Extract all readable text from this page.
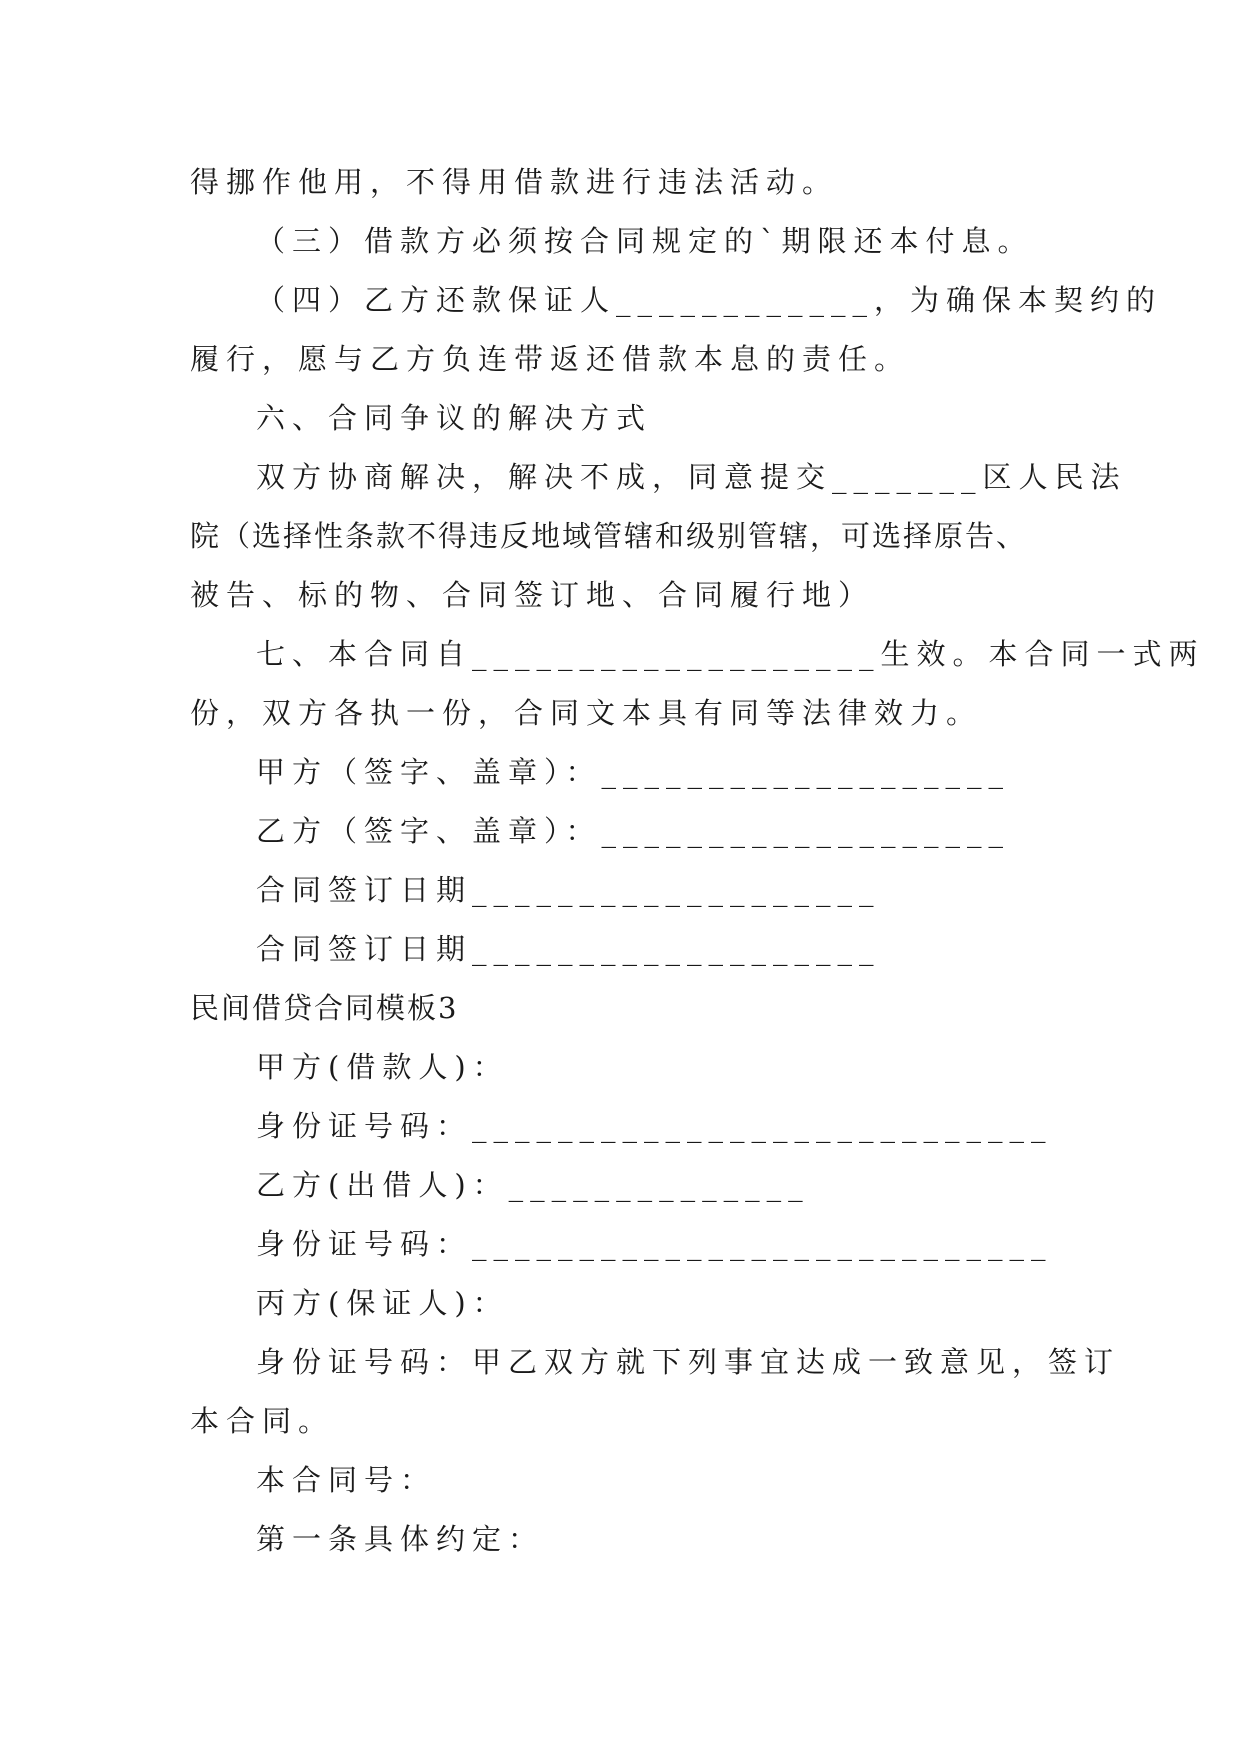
得挪作他用，不得用借款进行违法活动。
（三）借款方必须按合同规定的`期限还本付息。
（四）乙方还款保证人____________，为确保本契约的
履行，愿与乙方负连带返还借款本息的责任。
六、合同争议的解决方式
双方协商解决，解决不成，同意提交_______区人民法
院（选择性条款不得违反地域管辖和级别管辖，可选择原告、
被告、标的物、合同签订地、合同履行地）
七、本合同自___________________生效。本合同一式两
份，双方各执一份，合同文本具有同等法律效力。
甲方（签字、盖章）：___________________
乙方（签字、盖章）：___________________
合同签订日期___________________
合同签订日期___________________
民间借贷合同模板3
甲方(借款人)：
身份证号码：___________________________
乙方(出借人)：______________
身份证号码：___________________________
丙方(保证人)：
身份证号码：甲乙双方就下列事宜达成一致意见，签订
本合同。
本合同号：
第一条具体约定：
